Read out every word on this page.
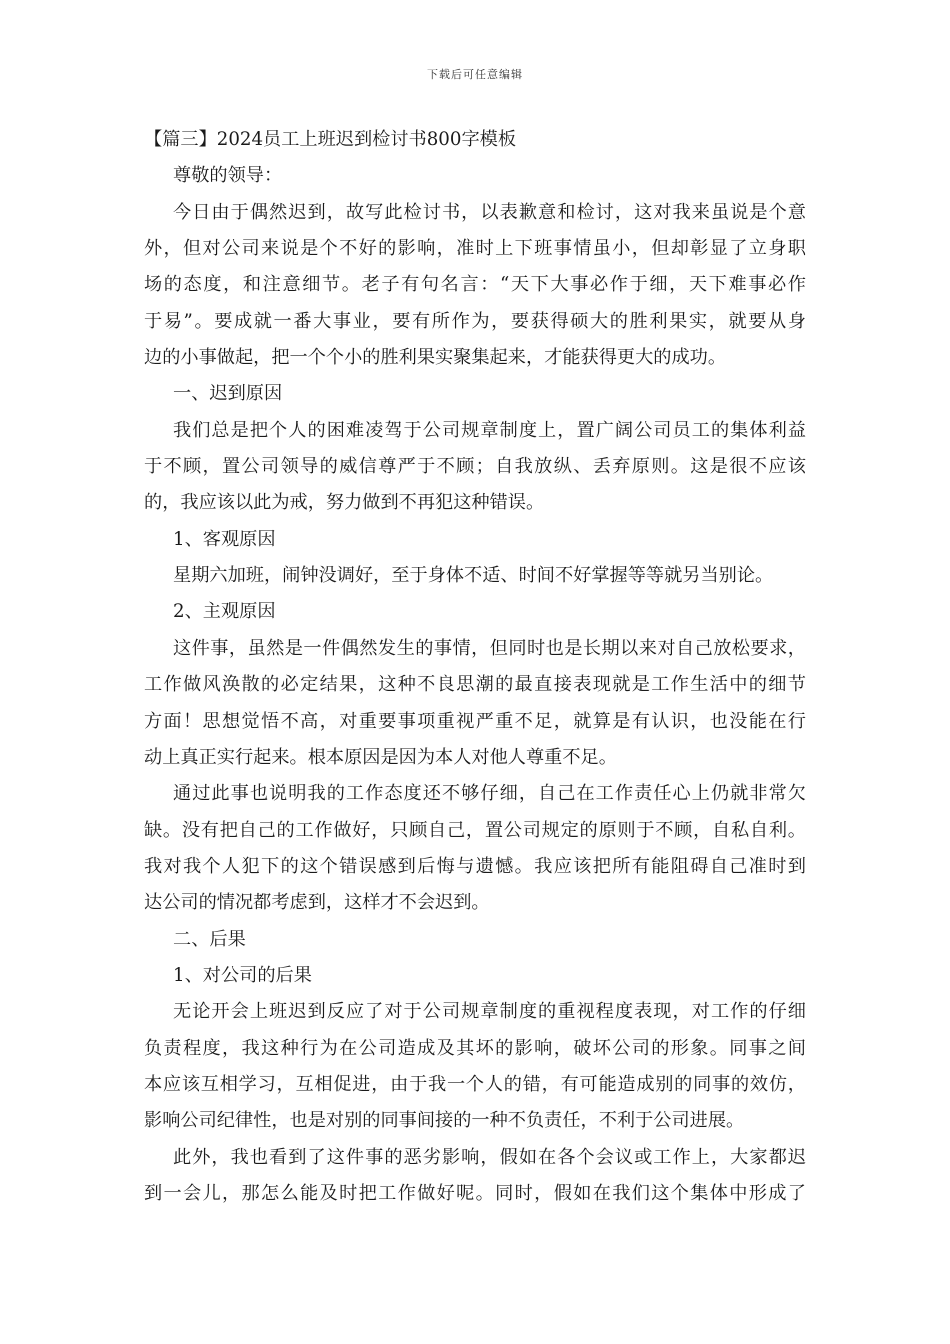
下载后可任意编辑
【篇三】2024员工上班迟到检讨书800字模板
尊敬的领导：
今日由于偶然迟到，故写此检讨书，以表歉意和检讨，这对我来虽说是个意
外，但对公司来说是个不好的影响，准时上下班事情虽小，但却彰显了立身职
场的态度，和注意细节。老子有句名言：“天下大事必作于细，天下难事必作
于易”。要成就一番大事业，要有所作为，要获得硕大的胜利果实，就要从身
边的小事做起，把一个个小的胜利果实聚集起来，才能获得更大的成功。
一、迟到原因
我们总是把个人的困难凌驾于公司规章制度上，置广阔公司员工的集体利益
于不顾，置公司领导的威信尊严于不顾；自我放纵、丢弃原则。这是很不应该
的，我应该以此为戒，努力做到不再犯这种错误。
1、客观原因
星期六加班，闹钟没调好，至于身体不适、时间不好掌握等等就另当别论。
2、主观原因
这件事，虽然是一件偶然发生的事情，但同时也是长期以来对自己放松要求，
工作做风涣散的必定结果，这种不良思潮的最直接表现就是工作生活中的细节
方面！思想觉悟不高，对重要事项重视严重不足，就算是有认识，也没能在行
动上真正实行起来。根本原因是因为本人对他人尊重不足。
通过此事也说明我的工作态度还不够仔细，自己在工作责任心上仍就非常欠
缺。没有把自己的工作做好，只顾自己，置公司规定的原则于不顾，自私自利。
我对我个人犯下的这个错误感到后悔与遗憾。我应该把所有能阻碍自己准时到
达公司的情况都考虑到，这样才不会迟到。
二、后果
1、对公司的后果
无论开会上班迟到反应了对于公司规章制度的重视程度表现，对工作的仔细
负责程度，我这种行为在公司造成及其坏的影响，破坏公司的形象。同事之间
本应该互相学习，互相促进，由于我一个人的错，有可能造成别的同事的效仿，
影响公司纪律性，也是对别的同事间接的一种不负责任，不利于公司进展。
此外，我也看到了这件事的恶劣影响，假如在各个会议或工作上，大家都迟
到一会儿，那怎么能及时把工作做好呢。同时，假如在我们这个集体中形成了
